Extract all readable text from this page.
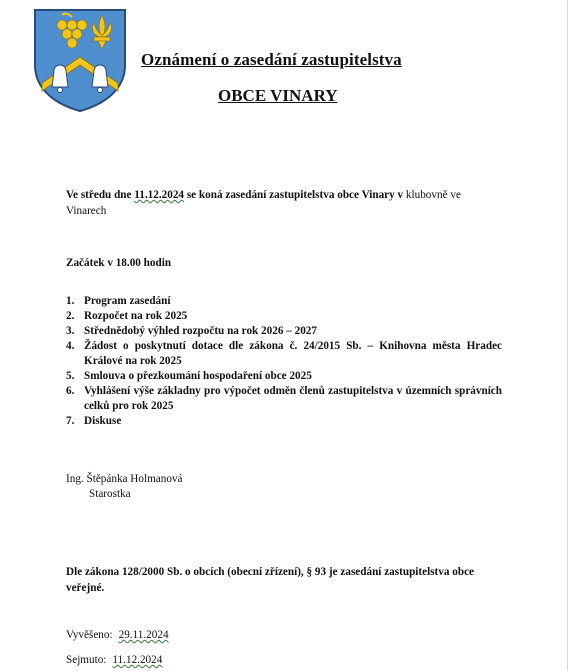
Oznámení o zasedání zastupitelstva
OBCE VINARY
Ve středu dne 11.12.2024 se koná zasedání zastupitelstva obce Vinary v klubovně ve Vinarech
Začátek v 18.00 hodin
1. Program zasedání
2. Rozpočet na rok 2025
3. Střednědobý výhled rozpočtu na rok 2026 – 2027
4. Žádost o poskytnutí dotace dle zákona č. 24/2015 Sb. – Knihovna města Hradec Králové na rok 2025
5. Smlouva o přezkoumání hospodaření obce 2025
6. Vyhlášení výše základny pro výpočet odměn členů zastupitelstva v územních správních celků pro rok 2025
7. Diskuse
Ing. Štěpánka Holmanová
Starostka
Dle zákona 128/2000 Sb. o obcích (obecní zřízení), § 93 je zasedání zastupitelstva obce veřejné.
Vyvěšeno: 29.11.2024
Sejmuto: 11.12.2024
